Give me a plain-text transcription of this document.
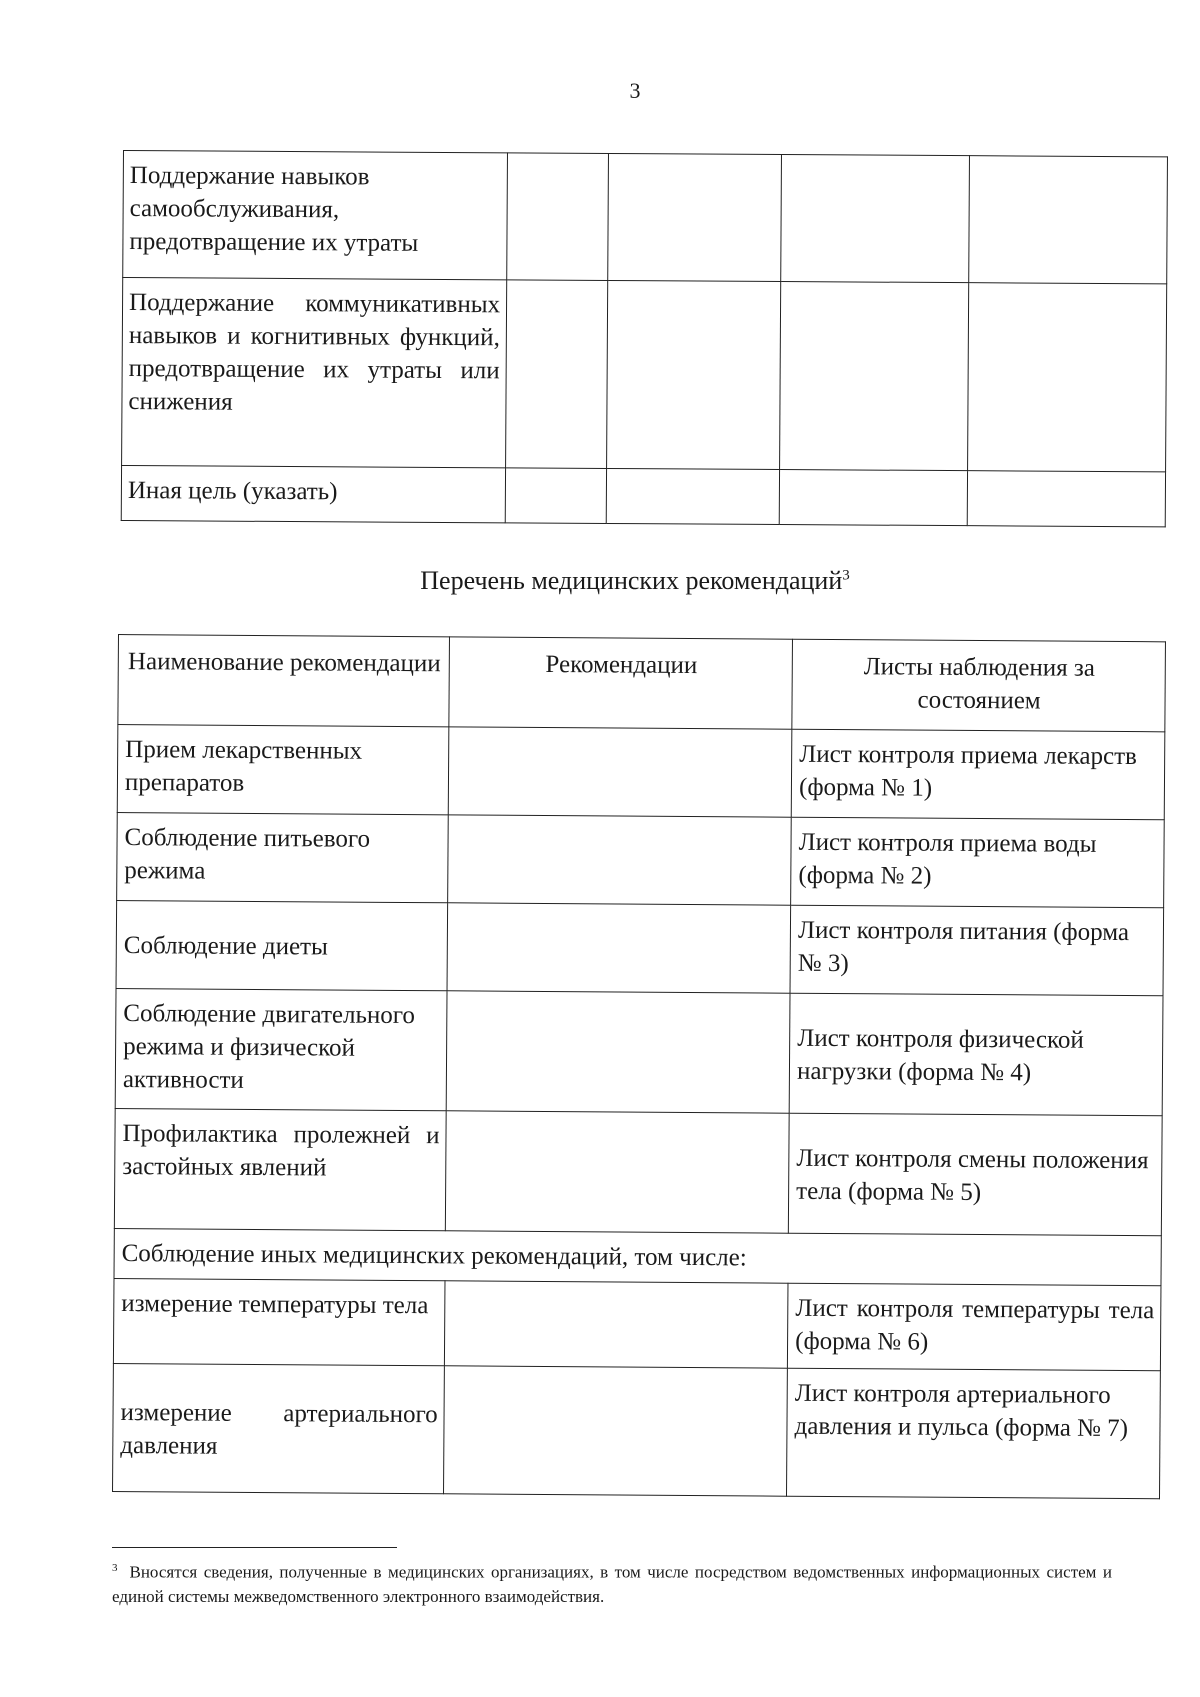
3
Поддержание навыков самообслуживания, предотвращение их утраты				
Поддержание коммуникативных навыков и когнитивных функций, предотвращение их утраты или снижения				
Иная цель (указать)				
Перечень медицинских рекомендаций$^3$
Наименование рекомендации	Рекомендации	Листы наблюдения за состоянием
Прием лекарственных препаратов		Лист контроля приема лекарств (форма № 1)
Соблюдение питьевого режима		Лист контроля приема воды (форма № 2)
Соблюдение диеты		Лист контроля питания (форма № 3)
Соблюдение двигательного режима и физической активности		Лист контроля физической нагрузки (форма № 4)
Профилактика пролежней и застойных явлений		Лист контроля смены положения тела (форма № 5)
Соблюдение иных медицинских рекомендаций, том числе:		
измерение температуры тела		Лист контроля температуры тела (форма № 6)
измерение артериального давления		Лист контроля артериального давления и пульса (форма № 7)
$^3$ Вносятся сведения, полученные в медицинских организациях, в том числе посредством ведомственных информационных систем и единой системы межведомственного электронного взаимодействия.
